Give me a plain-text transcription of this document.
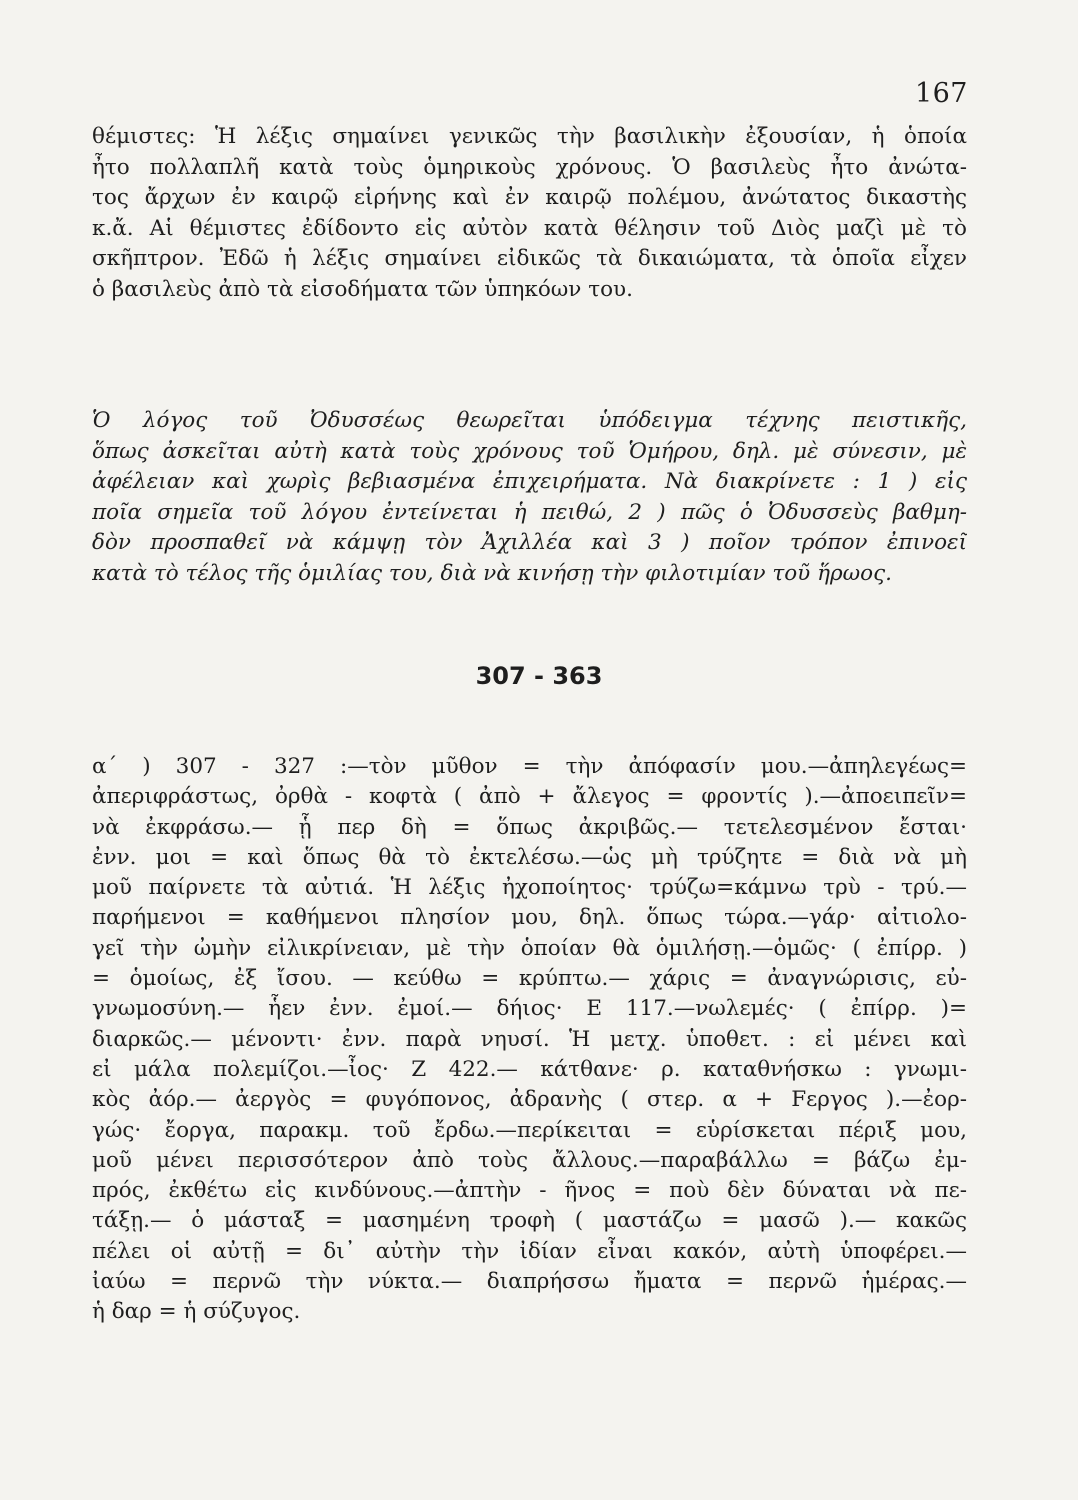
167
θέμιστες: Ἡ λέξις σημαίνει γενικῶς τὴν βασιλικὴν ἐξουσίαν, ἡ ὁποία
ἦτο πολλαπλῆ κατὰ τοὺς ὁμηρικοὺς χρόνους. Ὁ βασιλεὺς ἦτο ἀνώτα-
τος ἄρχων ἐν καιρῷ εἰρήνης καὶ ἐν καιρῷ πολέμου, ἀνώτατος δικαστὴς
κ.ἄ. Αἱ θέμιστες ἐδίδοντο εἰς αὐτὸν κατὰ θέλησιν τοῦ Διὸς μαζὶ μὲ τὸ
σκῆπτρον. Ἐδῶ ἡ λέξις σημαίνει εἰδικῶς τὰ δικαιώματα, τὰ ὁποῖα εἶχεν
ὁ βασιλεὺς ἀπὸ τὰ εἰσοδήματα τῶν ὑπηκόων του.
Ὁ λόγος τοῦ Ὀδυσσέως θεωρεῖται ὑπόδειγμα τέχνης πειστικῆς,
ὅπως ἀσκεῖται αὐτὴ κατὰ τοὺς χρόνους τοῦ Ὁμήρου, δηλ. μὲ σύνεσιν, μὲ
ἀφέλειαν καὶ χωρὶς βεβιασμένα ἐπιχειρήματα. Νὰ διακρίνετε : 1 ) εἰς
ποῖα σημεῖα τοῦ λόγου ἐντείνεται ἡ πειθώ, 2 ) πῶς ὁ Ὀδυσσεὺς βαθμη-
δὸν προσπαθεῖ νὰ κάμψῃ τὸν Ἀχιλλέα καὶ 3 ) ποῖον τρόπον ἐπινοεῖ
κατὰ τὸ τέλος τῆς ὁμιλίας του, διὰ νὰ κινήσῃ τὴν φιλοτιμίαν τοῦ ἥρωος.
307 - 363
α΄ ) 307 - 327 :—τὸν μῦθον = τὴν ἀπόφασίν μου.—ἀπηλεγέως=
ἀπεριφράστως, ὀρθὰ - κοφτὰ ( ἀπὸ + ἄλεγος = φροντίς ).—ἀποειπεῖν=
νὰ ἐκφράσω.— ᾗ περ δὴ = ὅπως ἀκριβῶς.— τετελεσμένον ἔσται·
ἐνν. μοι = καὶ ὅπως θὰ τὸ ἐκτελέσω.—ὡς μὴ τρύζητε = διὰ νὰ μὴ
μοῦ παίρνετε τὰ αὐτιά. Ἡ λέξις ἠχοποίητος· τρύζω=κάμνω τρὺ - τρύ.—
παρήμενοι = καθήμενοι πλησίον μου, δηλ. ὅπως τώρα.—γάρ· αἰτιολο-
γεῖ τὴν ὠμὴν εἰλικρίνειαν, μὲ τὴν ὁποίαν θὰ ὁμιλήσῃ.—ὁμῶς· ( ἐπίρρ. )
= ὁμοίως, ἐξ ἴσου. — κεύθω = κρύπτω.— χάρις = ἀναγνώρισις, εὐ-
γνωμοσύνη.— ἧεν ἐνν. ἐμοί.— δήιος· Ε 117.—νωλεμές· ( ἐπίρρ. )=
διαρκῶς.— μένοντι· ἐνν. παρὰ νηυσί. Ἡ μετχ. ὑποθετ. : εἰ μένει καὶ
εἰ μάλα πολεμίζοι.—ἶος· Ζ 422.— κάτθανε· ρ. καταθνήσκω : γνωμι-
κὸς ἀόρ.— ἀεργὸς = φυγόπονος, ἀδρανὴς ( στερ. α + Fεργος ).—ἐορ-
γώς· ἔοργα, παρακμ. τοῦ ἔρδω.—περίκειται = εὑρίσκεται πέριξ μου,
μοῦ μένει περισσότερον ἀπὸ τοὺς ἄλλους.—παραβάλλω = βάζω ἐμ-
πρός, ἐκθέτω εἰς κινδύνους.—ἀπτὴν - ῆνος = ποὺ δὲν δύναται νὰ πε-
τάξῃ.— ὁ μάσταξ = μασημένη τροφὴ ( μαστάζω = μασῶ ).— κακῶς
πέλει οἱ αὐτῇ = δι᾽ αὐτὴν τὴν ἰδίαν εἶναι κακόν, αὐτὴ ὑποφέρει.—
ἰαύω = περνῶ τὴν νύκτα.— διαπρήσσω ἤματα = περνῶ ἡμέρας.—
ἡ δαρ = ἡ σύζυγος.
